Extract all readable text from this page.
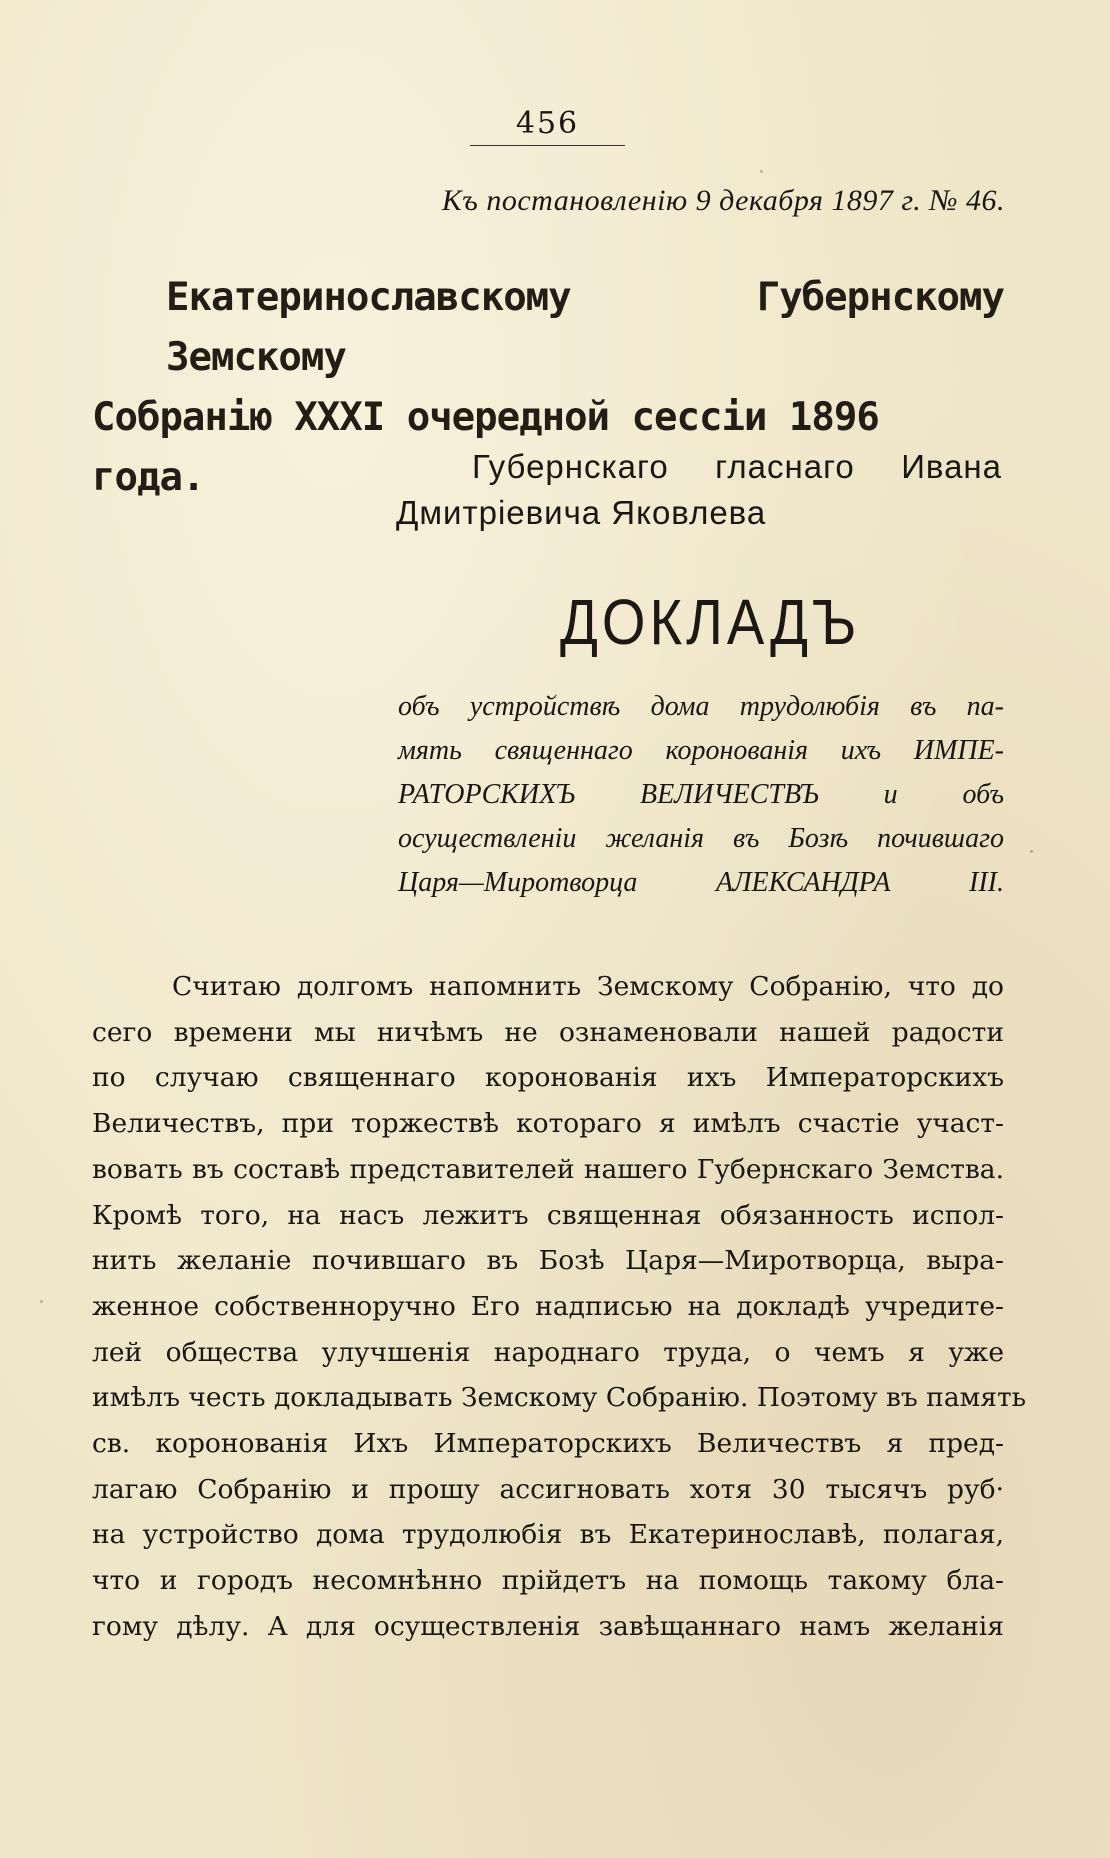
456
Къ постановленію 9 декабря 1897 г. № 46.
Екатеринославскому Губернскому Земскому
Собранію XXXI очередной сессіи 1896 года.	Губернскаго гласнаго Ивана
Дмитріевича Яковлева
ДОКЛАДЪ
объ устройствѣ дома трудолюбія въ па-
мять священнаго коронованія ихъ ИМПЕ-
РАТОРСКИХЪ ВЕЛИЧЕСТВЪ и объ
осуществленіи желанія въ Бозѣ почившаго
Царя—Миротворца АЛЕКСАНДРА III.
Считаю долгомъ напомнить Земскому Собранію, что до
сего времени мы ничѣмъ не ознаменовали нашей радости
по случаю священнаго коронованія ихъ Императорскихъ
Величествъ, при торжествѣ котораго я имѣлъ счастіе участ-
вовать въ составѣ представителей нашего Губернскаго Земства.
Кромѣ того, на насъ лежитъ священная обязанность испол-
нить желаніе почившаго въ Бозѣ Царя—Миротворца, выра-
женное собственноручно Его надписью на докладѣ учредите-
лей общества улучшенія народнаго труда, о чемъ я уже
имѣлъ честь докладывать Земскому Собранію. Поэтому въ память
св. коронованія Ихъ Императорскихъ Величествъ я пред-
лагаю Собранію и прошу ассигновать хотя 30 тысячъ руб·
на устройство дома трудолюбія въ Екатеринославѣ, полагая,
что и городъ несомнѣнно прійдетъ на помощь такому бла-
гому дѣлу. А для осуществленія завѣщаннаго намъ желанія
